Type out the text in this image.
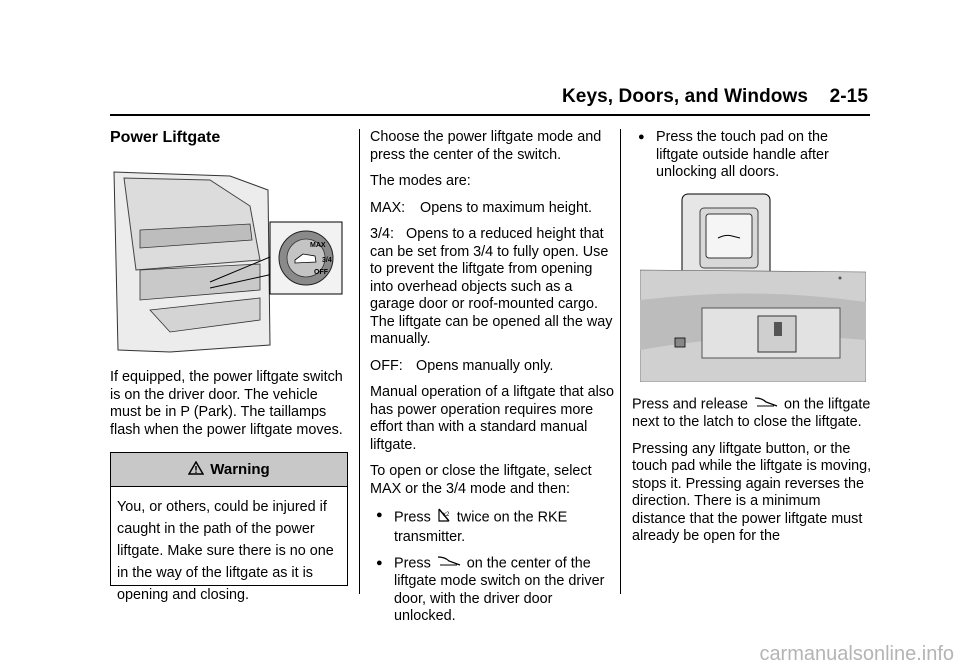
Keys, Doors, and Windows    2-15
Power Liftgate
MAX
3/4
OFF

If equipped, the power liftgate switch is on the driver door. The vehicle must be in P (Park). The taillamps flash when the power liftgate moves.

Warning
You, or others, could be injured if caught in the path of the power liftgate. Make sure there is no one in the way of the liftgate as it is opening and closing.

Choose the power liftgate mode and press the center of the switch.

The modes are:

MAX:	Opens to maximum height.

3/4: Opens to a reduced height that can be set from 3/4 to fully open. Use to prevent the liftgate from opening into overhead objects such as a garage door or roof-mounted cargo. The liftgate can be opened all the way manually.

OFF: Opens manually only.

Manual operation of a liftgate that also has power operation requires more effort than with a standard manual liftgate.

To open or close the liftgate, select MAX or the 3/4 mode and then:

● Press x2 twice on the RKE transmitter.

● Press	on the center of the liftgate mode switch on the driver door, with the driver door unlocked.

● Press the touch pad on the liftgate outside handle after unlocking all doors.

Press and release	on the liftgate next to the latch to close the liftgate.

Pressing any liftgate button, or the touch pad while the liftgate is moving, stops it. Pressing again reverses the direction. There is a minimum distance that the power liftgate must already be open for the

carmanualsonline.info
